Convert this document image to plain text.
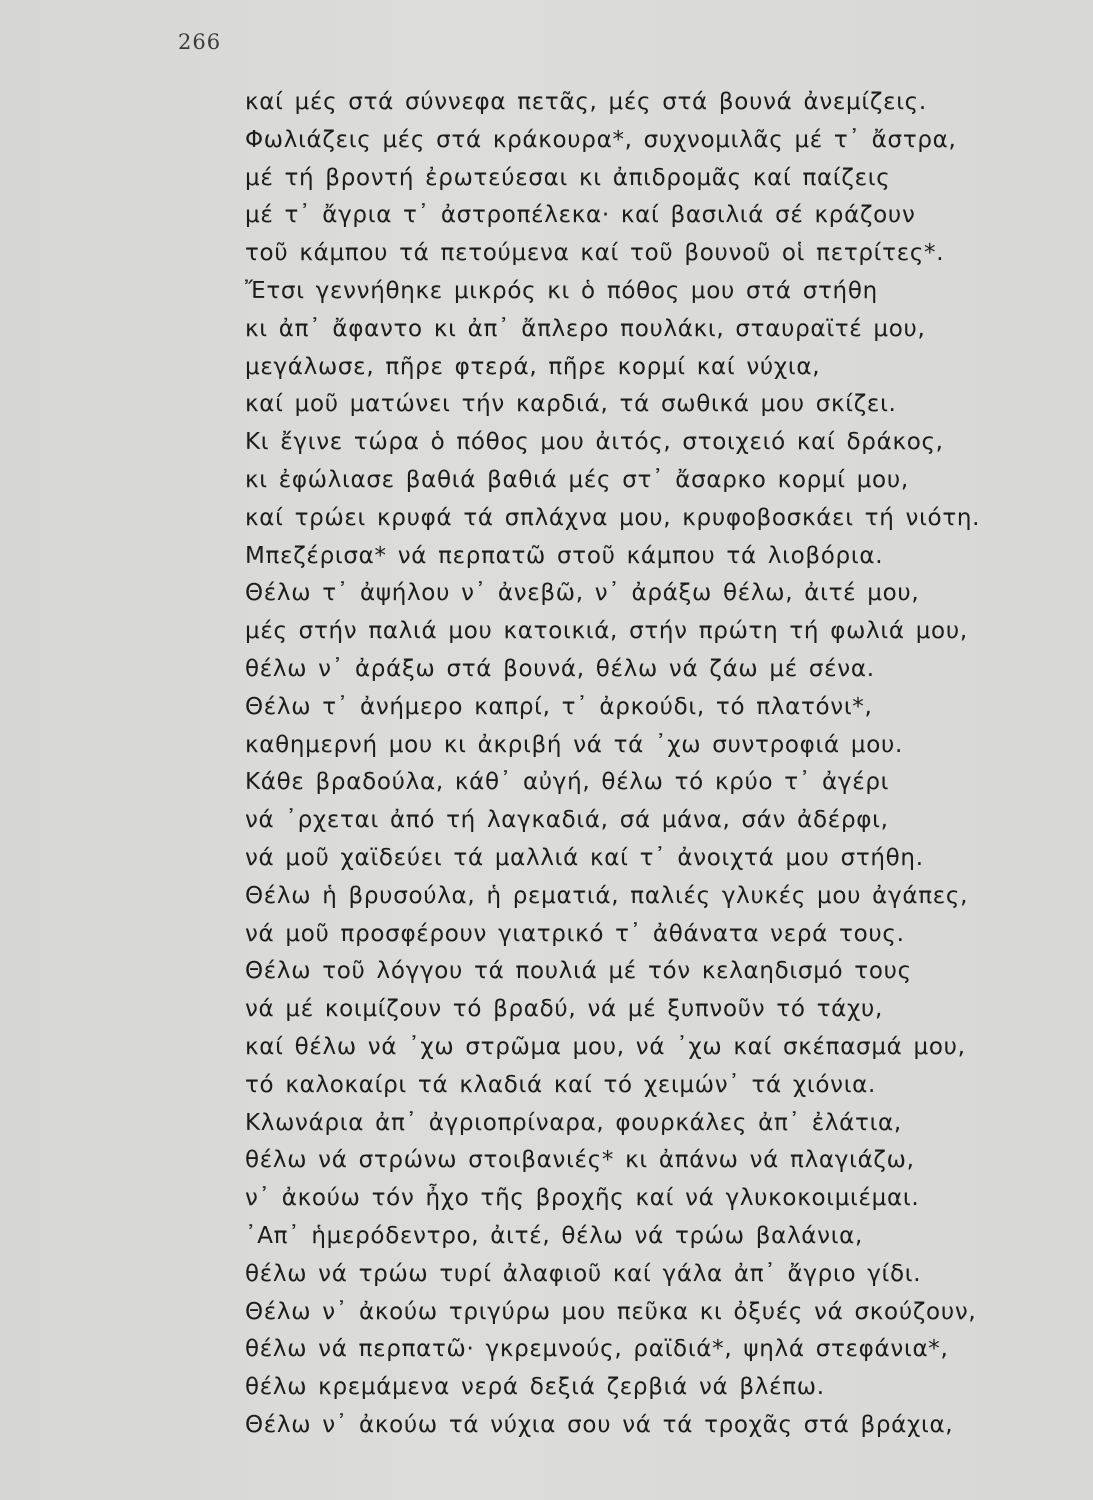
266
καί μές στά σύννεφα πετᾶς, μές στά βουνά ἀνεμίζεις.
Φωλιάζεις μές στά κράκουρα*, συχνομιλᾶς μέ τ᾽ ἄστρα,
μέ τή βροντή ἐρωτεύεσαι κι ἀπιδρομᾶς καί παίζεις
μέ τ᾽ ἄγρια τ᾽ ἀστροπέλεκα· καί βασιλιά σέ κράζουν
τοῦ κάμπου τά πετούμενα καί τοῦ βουνοῦ οἱ πετρίτες*.
Ἔτσι γεννήθηκε μικρός κι ὁ πόθος μου στά στήθη
κι ἀπ᾽ ἄφαντο κι ἀπ᾽ ἄπλερο πουλάκι, σταυραϊτέ μου,
μεγάλωσε, πῆρε φτερά, πῆρε κορμί καί νύχια,
καί μοῦ ματώνει τήν καρδιά, τά σωθικά μου σκίζει.
Κι ἔγινε τώρα ὁ πόθος μου ἀιτός, στοιχειό καί δράκος,
κι ἐφώλιασε βαθιά βαθιά μές στ᾽ ἄσαρκο κορμί μου,
καί τρώει κρυφά τά σπλάχνα μου, κρυφοβοσκάει τή νιότη.
Μπεζέρισα* νά περπατῶ στοῦ κάμπου τά λιοβόρια.
Θέλω τ᾽ ἀψήλου ν᾽ ἀνεβῶ, ν᾽ ἀράξω θέλω, ἀιτέ μου,
μές στήν παλιά μου κατοικιά, στήν πρώτη τή φωλιά μου,
θέλω ν᾽ ἀράξω στά βουνά, θέλω νά ζάω μέ σένα.
Θέλω τ᾽ ἀνήμερο καπρί, τ᾽ ἀρκούδι, τό πλατόνι*,
καθημερνή μου κι ἀκριβή νά τά ᾽χω συντροφιά μου.
Κάθε βραδούλα, κάθ᾽ αὐγή, θέλω τό κρύο τ᾽ ἀγέρι
νά ᾽ρχεται ἀπό τή λαγκαδιά, σά μάνα, σάν ἀδέρφι,
νά μοῦ χαϊδεύει τά μαλλιά καί τ᾽ ἀνοιχτά μου στήθη.
Θέλω ἡ βρυσούλα, ἡ ρεματιά, παλιές γλυκές μου ἀγάπες,
νά μοῦ προσφέρουν γιατρικό τ᾽ ἀθάνατα νερά τους.
Θέλω τοῦ λόγγου τά πουλιά μέ τόν κελαηδισμό τους
νά μέ κοιμίζουν τό βραδύ, νά μέ ξυπνοῦν τό τάχυ,
καί θέλω νά ᾽χω στρῶμα μου, νά ᾽χω καί σκέπασμά μου,
τό καλοκαίρι τά κλαδιά καί τό χειμών᾽ τά χιόνια.
Κλωνάρια ἀπ᾽ ἀγριοπρίναρα, φουρκάλες ἀπ᾽ ἐλάτια,
θέλω νά στρώνω στοιβανιές* κι ἀπάνω νά πλαγιάζω,
ν᾽ ἀκούω τόν ἦχο τῆς βροχῆς καί νά γλυκοκοιμιέμαι.
᾽Απ᾽ ἡμερόδεντρο, ἀιτέ, θέλω νά τρώω βαλάνια,
θέλω νά τρώω τυρί ἀλαφιοῦ καί γάλα ἀπ᾽ ἄγριο γίδι.
Θέλω ν᾽ ἀκούω τριγύρω μου πεῦκα κι ὀξυές νά σκούζουν,
θέλω νά περπατῶ· γκρεμνούς, ραϊδιά*, ψηλά στεφάνια*,
θέλω κρεμάμενα νερά δεξιά ζερβιά νά βλέπω.
Θέλω ν᾽ ἀκούω τά νύχια σου νά τά τροχᾶς στά βράχια,
